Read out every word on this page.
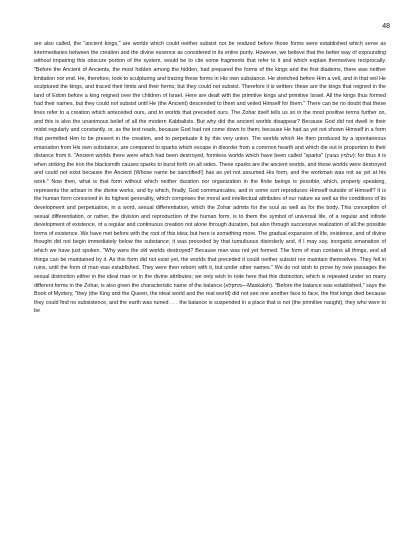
48

are also called, the "ancient kings," are worlds which could neither subsist nor be realized before those forms were established which serve as intermediaries between the creation and the divine essence as considered in its entire purity. However, we believe that the better way of expounding without impairing this obscure portion of the system, would be to cite some fragments that refer to it and which explain themselves reciprocally. "Before the Ancient of Ancients, the most hidden among the hidden, had prepared the forms of the kings and the first diadems, there was neither limitation nor end. He, therefore, took to sculpturing and tracing these forms in His own substance. He stretched before Him a veil, and in that veil He sculptured the kings, and traced their limits and their forms; but they could not subsist. Therefore it is written: these are the kings that reigned in the land of Edom before a king reigned over the children of Israel. Here are dealt with the primitive kings and primitive Israel. All the kings thus formed had their names, but they could not subsist until He (the Ancient) descended to them and veiled Himself for them." There can be no doubt that these lines refer to a creation which anteceded ours, and to worlds that preceded ours. The Zohar itself tells us so in the most positive terms further on, and this is also the unanimous belief of all the modern Kabbalists. But why did the ancient worlds disappear? Because God did not dwell in their midst regularly and constantly, or, as the text reads, because God had not come down to them; because He had as yet not shown Himself in a form that permitted Him to be present in the creation, and to perpetuate it by this very union. The worlds which He then produced by a spontaneous emanation from His own substance, are compared to sparks which escape in disorder from a common hearth and which die out in proportion to their distance from it. "Ancient worlds there were which had been destroyed, formless worlds which have been called "sparks" (עלמין נצוצין); for thus it is when striking the iron the blacksmith causes sparks to burst forth on all sides. These sparks are the ancient worlds, and these worlds were destroyed and could not exist because the Ancient (Whose name be sanctified!) has as yet not assumed His form, and the workman was not as yet at his work." Now then, what is that form without which neither duration nor organization in the finite beings is possible, which, properly speaking, represents the artisan in the divine works, and by which, finally, God communicates, and in some sort reproduces Himself outside of Himself? It is the human form conceived in its highest generality, which comprises the moral and intellectual attributes of our nature as well as the conditions of its development and perpetuation, in a word, sexual differentiation, which the Zohar admits for the soul as well as for the body. This conception of sexual differentiation, or rather, the division and reproduction of the human form, is to them the symbol of universal life, of a regular and infinite development of existence, of a regular and continuous creation not alone through duration, but also through successive realization of all the possible forms of existence. We have met before with the root of this idea; but here is something more. The gradual expansion of life, existence, and of divine thought did not begin immediately below the substance; it was preceded by that tumultuous disorderly and, if I may say, inorganic emanation of which we have just spoken. "Why were the old worlds destroyed? Because man was not yet formed. The form of man contains all things, and all things can be maintained by it. As this form did not exist yet, the worlds that preceded it could neither subsist nor maintain themselves. They fell in ruins, until the form of man was established. They were then reborn with it, but under other names." We do not wish to prove by new passages the sexual distinction either in the ideal man or in the divine attributes; we only wish to note here that this distinction, which is repeated under so many different forms in the Zohar, is also given the characteristic name of the balance (מתקלא—Maskaloh). "Before the balance was established," says the Book of Mystery, "they (the King and the Queen, the ideal world and the real world) did not see one another face to face, the first kings died because they could find no subsistence, and the earth was ruined . . . the balance is suspended in a place that is not (the primitive naught); they who were to be
